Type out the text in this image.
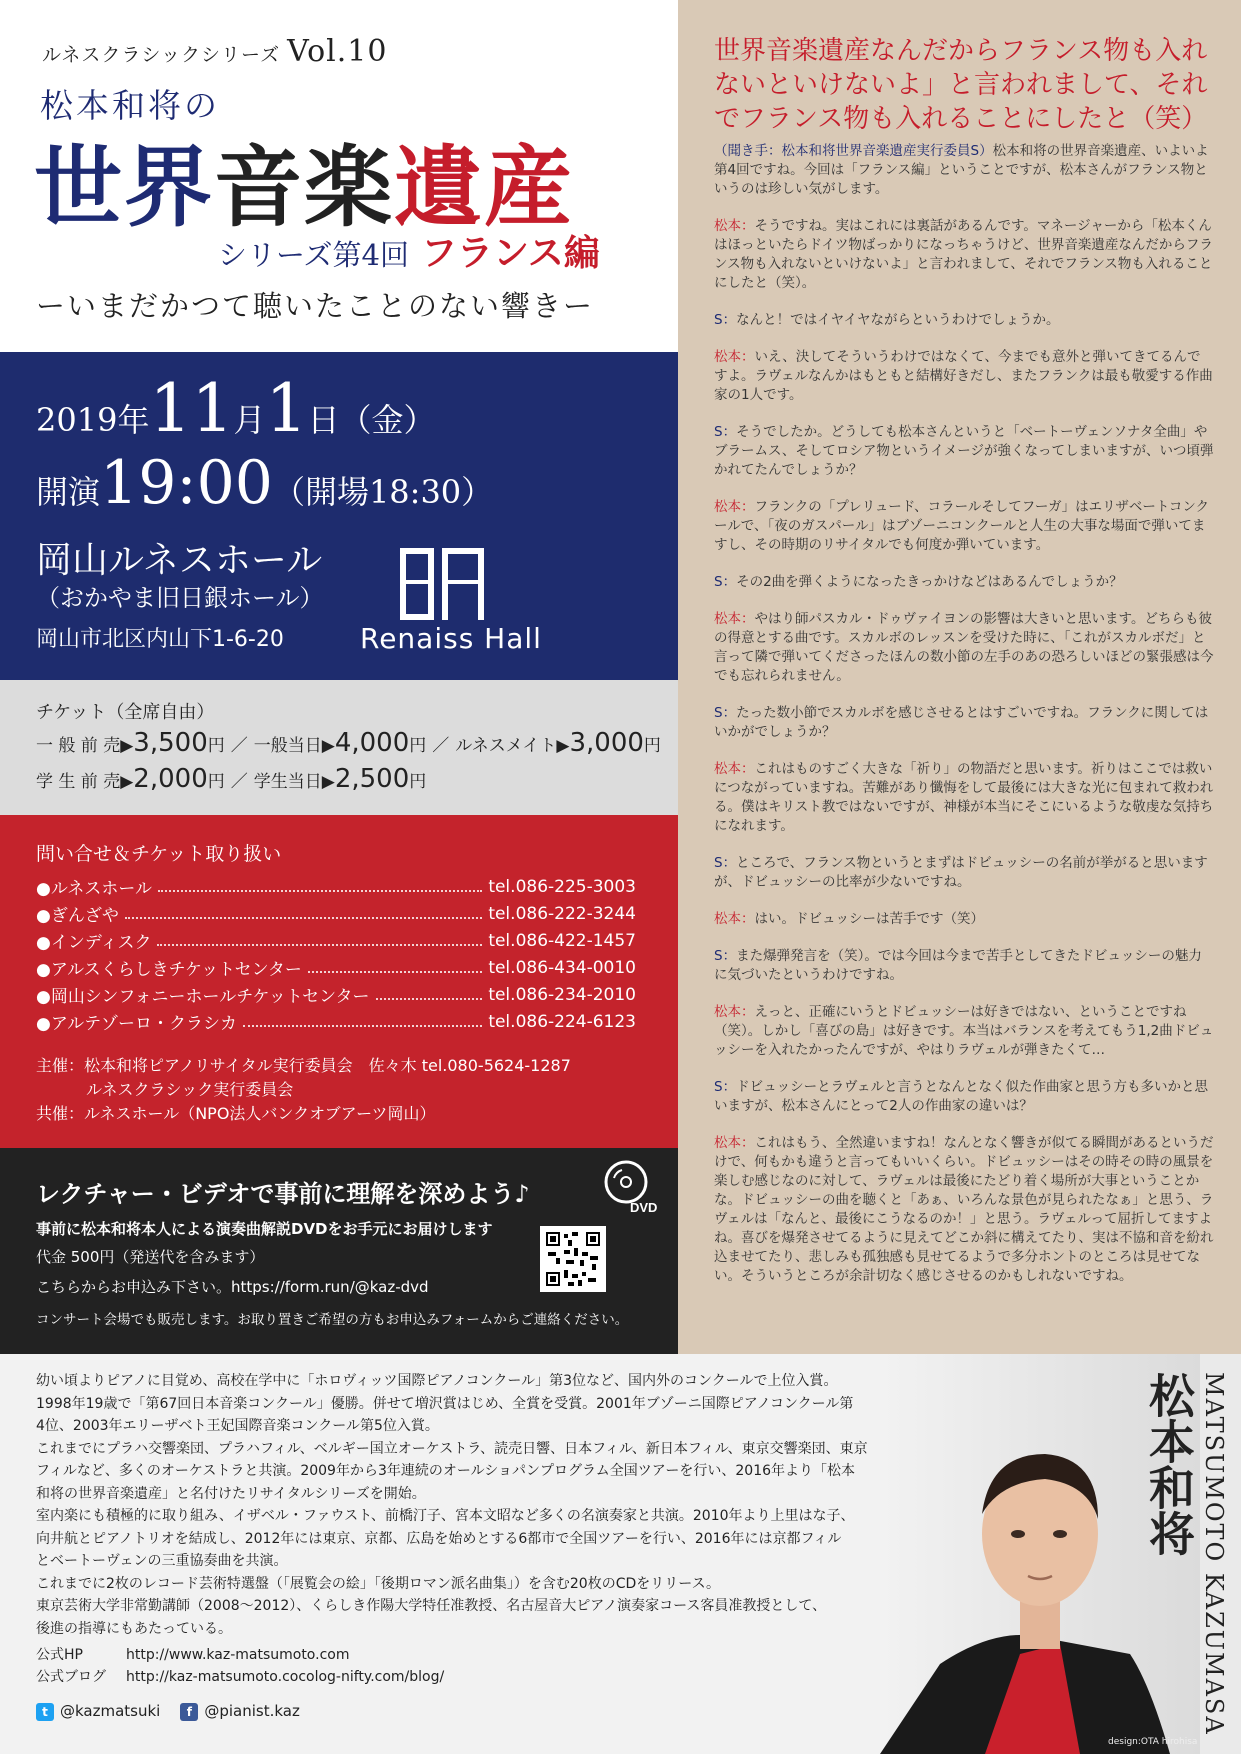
ルネスクラシックシリーズ Vol.10
松本和将の
世界音楽遺産
シリーズ第4回 フランス編
ーいまだかつて聴いたことのない響きー
2019年11月1日（金）
開演19:00（開場18:30）
岡山ルネスホール
（おかやま旧日銀ホール）
岡山市北区内山下1-6-20	Renaiss Hall
チケット（全席自由）
一 般 前 売▶3,500円 ／ 一般当日▶4,000円 ／ ルネスメイト▶3,000円
学 生 前 売▶2,000円 ／ 学生当日▶2,500円
問い合せ＆チケット取り扱い
●ルネスホール	tel.086-225-3003
●ぎんざや	tel.086-222-3244
●インディスク	tel.086-422-1457
●アルスくらしきチケットセンター	tel.086-434-0010
●岡山シンフォニーホールチケットセンター	tel.086-234-2010
●アルテゾーロ・クラシカ	tel.086-224-6123
主催：松本和将ピアノリサイタル実行委員会　佐々木 tel.080-5624-1287
ルネスクラシック実行委員会
共催：ルネスホール（NPO法人バンクオブアーツ岡山）
レクチャー・ビデオで事前に理解を深めよう♪	DVD
事前に松本和将本人による演奏曲解説DVDをお手元にお届けします
代金 500円（発送代を含みます）
こちらからお申込み下さい。https://form.run/@kaz-dvd
コンサート会場でも販売します。お取り置きご希望の方もお申込みフォームからご連絡ください。
世界音楽遺産なんだからフランス物も入れないといけないよ」と言われまして、それでフランス物も入れることにしたと（笑）

（聞き手：松本和将世界音楽遺産実行委員S）松本和将の世界音楽遺産、いよいよ第4回ですね。今回は「フランス編」ということですが、松本さんがフランス物というのは珍しい気がします。

松本：そうですね。実はこれには裏話があるんです。マネージャーから「松本くんはほっといたらドイツ物ばっかりになっちゃうけど、世界音楽遺産なんだからフランス物も入れないといけないよ」と言われまして、それでフランス物も入れることにしたと（笑）。

S：なんと！ではイヤイヤながらというわけでしょうか。

松本：いえ、決してそういうわけではなくて、今までも意外と弾いてきてるんですよ。ラヴェルなんかはもともと結構好きだし、またフランクは最も敬愛する作曲家の1人です。

S：そうでしたか。どうしても松本さんというと「ベートーヴェンソナタ全曲」やブラームス、そしてロシア物というイメージが強くなってしまいますが、いつ頃弾かれてたんでしょうか？

松本：フランクの「プレリュード、コラールそしてフーガ」はエリザベートコンクールで、「夜のガスパール」はブゾーニコンクールと人生の大事な場面で弾いてますし、その時期のリサイタルでも何度か弾いています。

S：その2曲を弾くようになったきっかけなどはあるんでしょうか？

松本：やはり師パスカル・ドゥヴァイヨンの影響は大きいと思います。どちらも彼の得意とする曲です。スカルボのレッスンを受けた時に、「これがスカルボだ」と言って隣で弾いてくださったほんの数小節の左手のあの恐ろしいほどの緊張感は今でも忘れられません。

S：たった数小節でスカルボを感じさせるとはすごいですね。フランクに関してはいかがでしょうか？

松本：これはものすごく大きな「祈り」の物語だと思います。祈りはここでは救いにつながっていますね。苦難があり懺悔をして最後には大きな光に包まれて救われる。僕はキリスト教ではないですが、神様が本当にそこにいるような敬虔な気持ちになれます。

S：ところで、フランス物というとまずはドビュッシーの名前が挙がると思いますが、ドビュッシーの比率が少ないですね。

松本：はい。ドビュッシーは苦手です（笑）

S：また爆弾発言を（笑）。では今回は今まで苦手としてきたドビュッシーの魅力に気づいたというわけですね。

松本：えっと、正確にいうとドビュッシーは好きではない、ということですね（笑）。しかし「喜びの島」は好きです。本当はバランスを考えてもう1,2曲ドビュッシーを入れたかったんですが、やはりラヴェルが弾きたくて…

S：ドビュッシーとラヴェルと言うとなんとなく似た作曲家と思う方も多いかと思いますが、松本さんにとって2人の作曲家の違いは？

松本：これはもう、全然違いますね！なんとなく響きが似てる瞬間があるというだけで、何もかも違うと言ってもいいくらい。ドビュッシーはその時その時の風景を楽しむ感じなのに対して、ラヴェルは最後にたどり着く場所が大事ということかな。ドビュッシーの曲を聴くと「あぁ、いろんな景色が見られたなぁ」と思う、ラヴェルは「なんと、最後にこうなるのか！」と思う。ラヴェルって屈折してますよね。喜びを爆発させてるように見えてどこか斜に構えてたり、実は不協和音を紛れ込ませてたり、悲しみも孤独感も見せてるようで多分ホントのところは見せてない。そういうところが余計切なく感じさせるのかもしれないですね。

幼い頃よりピアノに目覚め、高校在学中に「ホロヴィッツ国際ピアノコンクール」第3位など、国内外のコンクールで上位入賞。

1998年19歳で「第67回日本音楽コンクール」優勝。併せて増沢賞はじめ、全賞を受賞。2001年ブゾーニ国際ピアノコンクール第

4位、2003年エリーザベト王妃国際音楽コンクール第5位入賞。

これまでにプラハ交響楽団、プラハフィル、ベルギー国立オーケストラ、読売日響、日本フィル、新日本フィル、東京交響楽団、東京

フィルなど、多くのオーケストラと共演。2009年から3年連続のオールショパンプログラム全国ツアーを行い、2016年より「松本

和将の世界音楽遺産」と名付けたリサイタルシリーズを開始。

室内楽にも積極的に取り組み、イザベル・ファウスト、前橋汀子、宮本文昭など多くの名演奏家と共演。2010年より上里はな子、

向井航とピアノトリオを結成し、2012年には東京、京都、広島を始めとする6都市で全国ツアーを行い、2016年には京都フィル

とベートーヴェンの三重協奏曲を共演。

これまでに2枚のレコード芸術特選盤（「展覧会の絵」「後期ロマン派名曲集」）を含む20枚のCDをリリース。

東京芸術大学非常勤講師（2008～2012）、くらしき作陽大学特任准教授、名古屋音大ピアノ演奏家コース客員准教授として、

後進の指導にもあたっている。

公式HP	http://www.kaz-matsumoto.com
公式ブログ http://kaz-matsumoto.cocolog-nifty.com/blog/
t @kazmatsuki	f @pianist.kaz
松本和将 MATSUMOTO KAZUMASA
design:OTA hirohisa
